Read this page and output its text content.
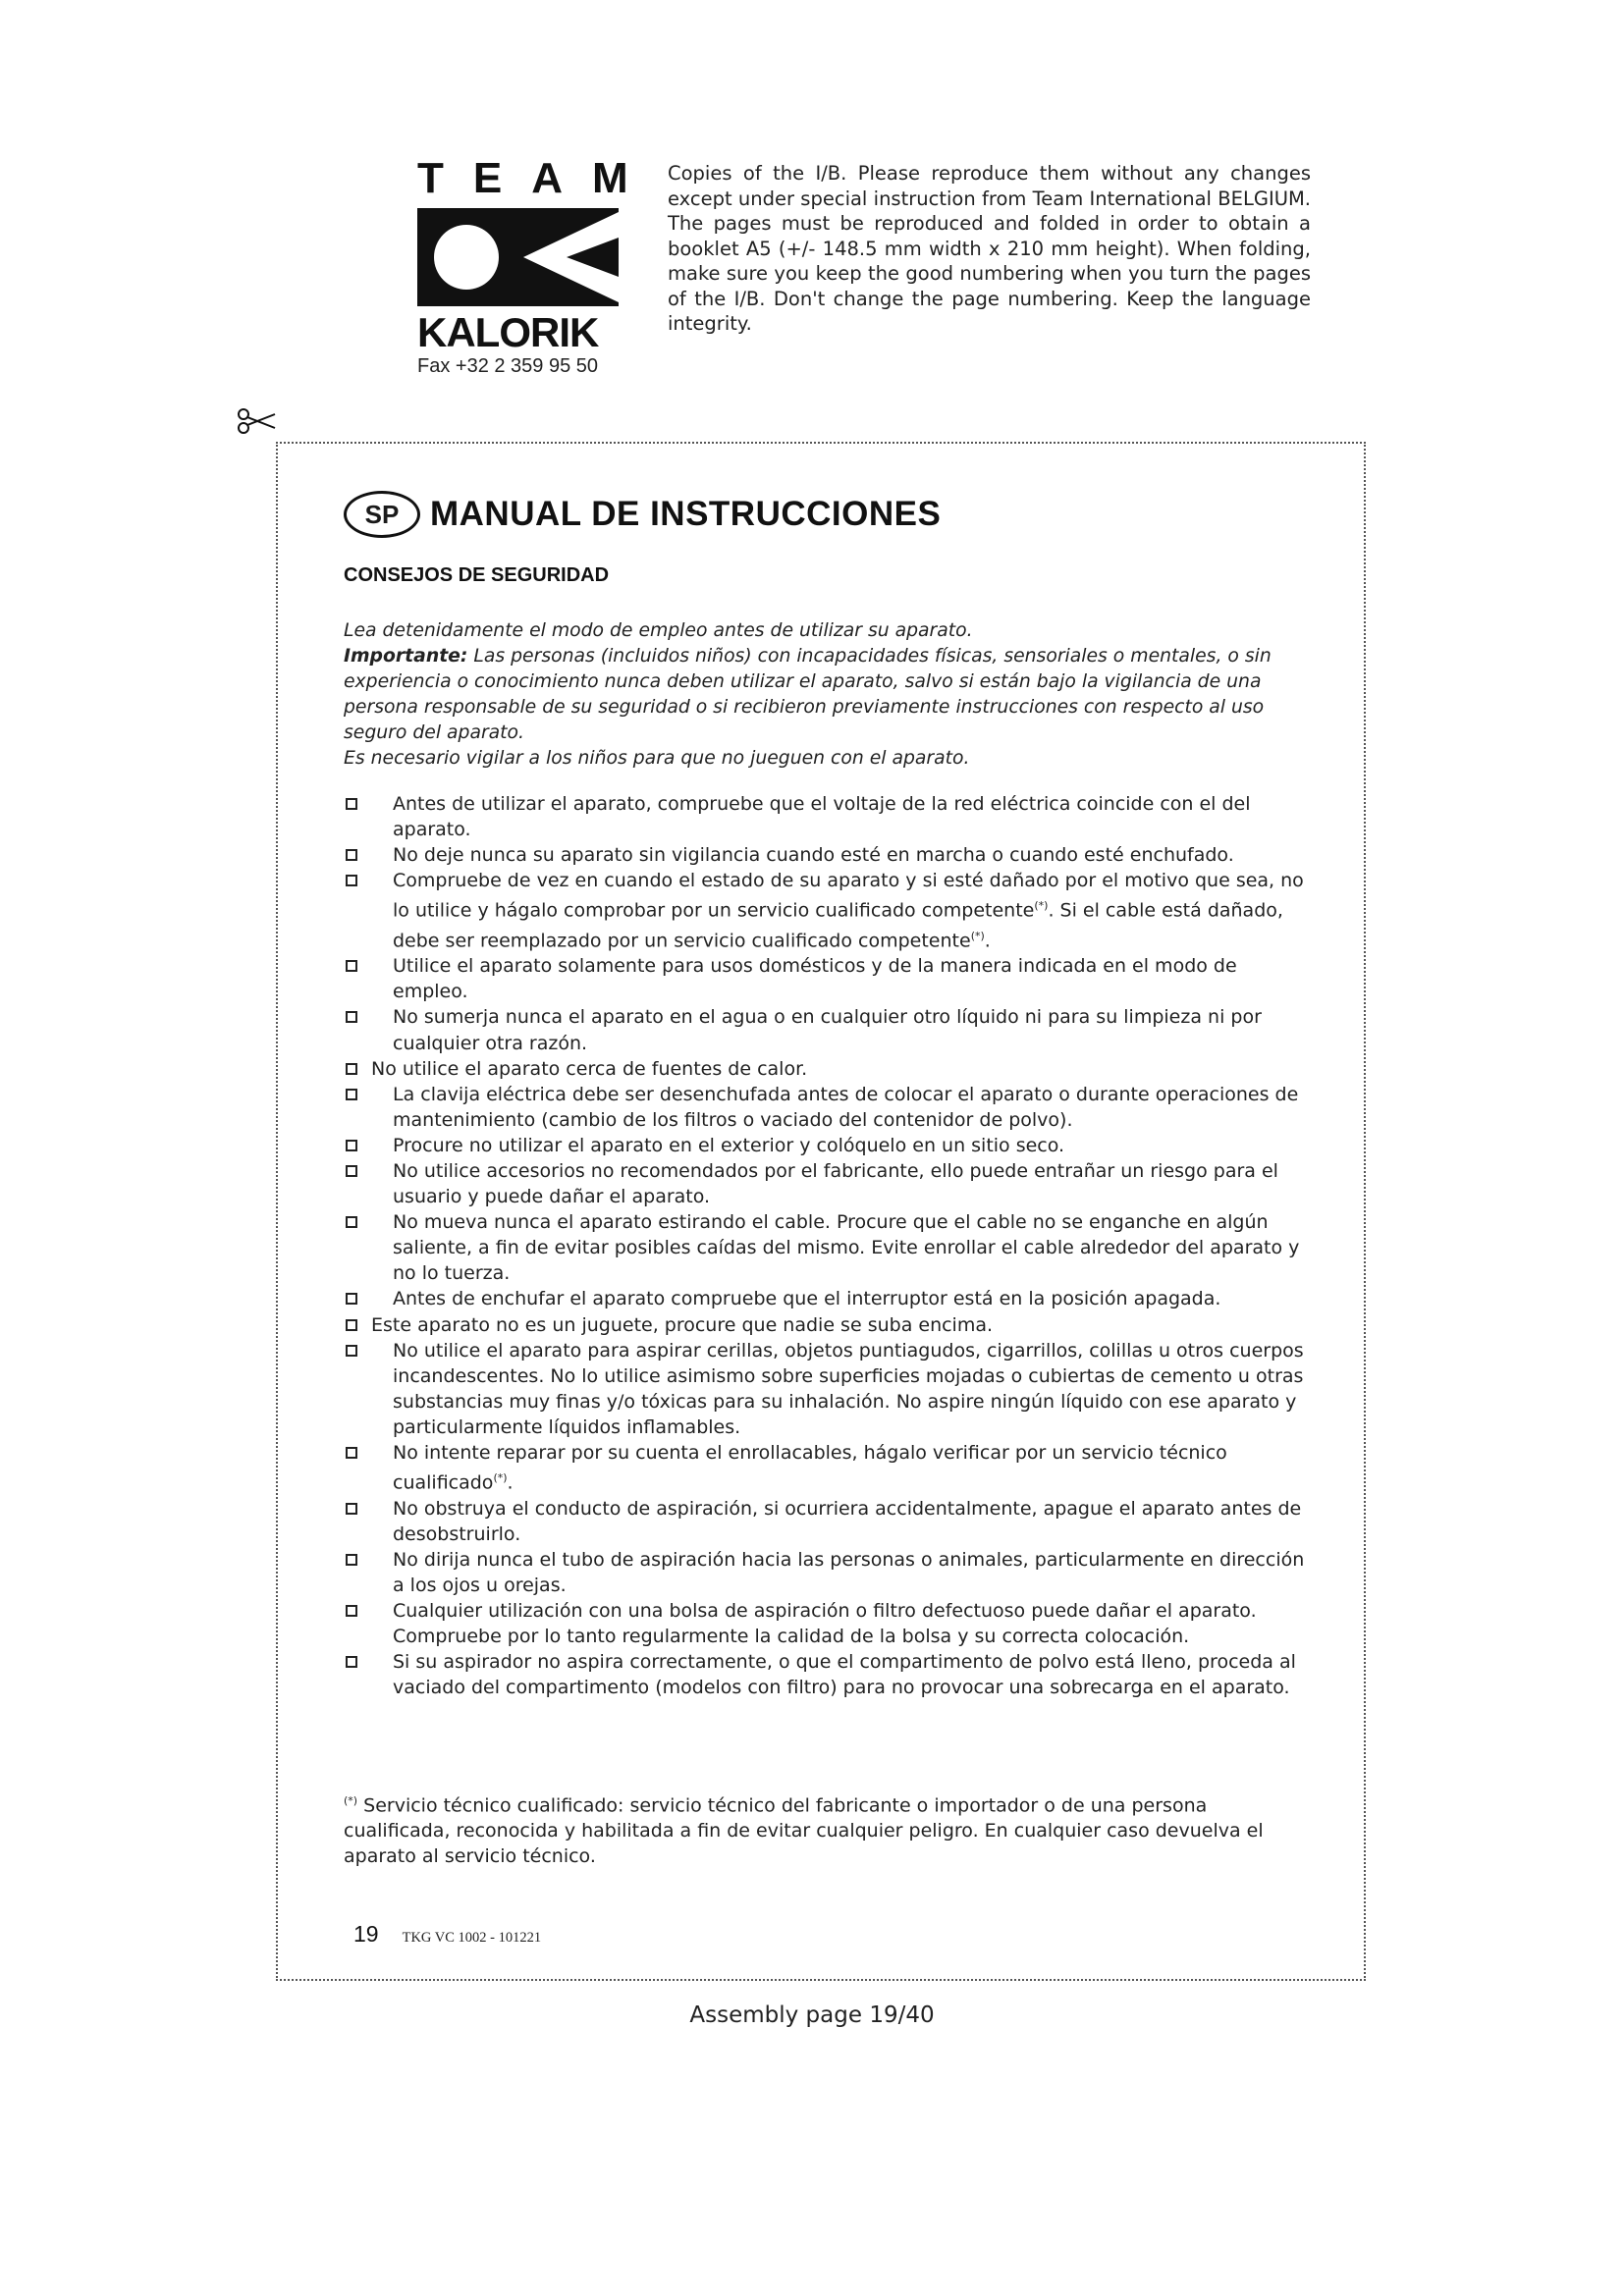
TEAM
KALORIK
Fax +32 2 359 95 50
Copies of the I/B. Please reproduce them without any changes except under special instruction from Team International BELGIUM. The pages must be reproduced and folded in order to obtain a booklet A5 (+/- 148.5 mm width x 210 mm height). When folding, make sure you keep the good numbering when you turn the pages of the I/B. Don't change the page numbering. Keep the language integrity.
SP MANUAL DE INSTRUCCIONES
CONSEJOS DE SEGURIDAD

Lea detenidamente el modo de empleo antes de utilizar su aparato.

Importante: Las personas (incluidos niños) con incapacidades físicas, sensoriales o mentales, o sin experiencia o conocimiento nunca deben utilizar el aparato, salvo si están bajo la vigilancia de una persona responsable de su seguridad o si recibieron previamente instrucciones con respecto al uso seguro del aparato.

Es necesario vigilar a los niños para que no jueguen con el aparato.

Antes de utilizar el aparato, compruebe que el voltaje de la red eléctrica coincide con el del aparato.
No deje nunca su aparato sin vigilancia cuando esté en marcha o cuando esté enchufado.
Compruebe de vez en cuando el estado de su aparato y si esté dañado por el motivo que sea, no lo utilice y hágalo comprobar por un servicio cualificado competente(*). Si el cable está dañado, debe ser reemplazado por un servicio cualificado competente(*).
Utilice el aparato solamente para usos domésticos y de la manera indicada en el modo de empleo.
No sumerja nunca el aparato en el agua o en cualquier otro líquido ni para su limpieza ni por cualquier otra razón.
No utilice el aparato cerca de fuentes de calor.
La clavija eléctrica debe ser desenchufada antes de colocar el aparato o durante operaciones de mantenimiento (cambio de los filtros o vaciado del contenidor de polvo).
Procure no utilizar el aparato en el exterior y colóquelo en un sitio seco.
No utilice accesorios no recomendados por el fabricante, ello puede entrañar un riesgo para el usuario y puede dañar el aparato.
No mueva nunca el aparato estirando el cable. Procure que el cable no se enganche en algún saliente, a fin de evitar posibles caídas del mismo. Evite enrollar el cable alrededor del aparato y no lo tuerza.
Antes de enchufar el aparato compruebe que el interruptor está en la posición apagada.
Este aparato no es un juguete, procure que nadie se suba encima.
No utilice el aparato para aspirar cerillas, objetos puntiagudos, cigarrillos, colillas u otros cuerpos incandescentes. No lo utilice asimismo sobre superficies mojadas o cubiertas de cemento u otras substancias muy finas y/o tóxicas para su inhalación. No aspire ningún líquido con ese aparato y particularmente líquidos inflamables.
No intente reparar por su cuenta el enrollacables, hágalo verificar por un servicio técnico cualificado(*).
No obstruya el conducto de aspiración, si ocurriera accidentalmente, apague el aparato antes de desobstruirlo.
No dirija nunca el tubo de aspiración hacia las personas o animales, particularmente en dirección a los ojos u orejas.
Cualquier utilización con una bolsa de aspiración o filtro defectuoso puede dañar el aparato. Compruebe por lo tanto regularmente la calidad de la bolsa y su correcta colocación.
Si su aspirador no aspira correctamente, o que el compartimento de polvo está lleno, proceda al vaciado del compartimento (modelos con filtro) para no provocar una sobrecarga en el aparato.
(*) Servicio técnico cualificado: servicio técnico del fabricante o importador o de una persona cualificada, reconocida y habilitada a fin de evitar cualquier peligro. En cualquier caso devuelva el aparato al servicio técnico.
19 TKG VC 1002 - 101221
Assembly page 19/40
